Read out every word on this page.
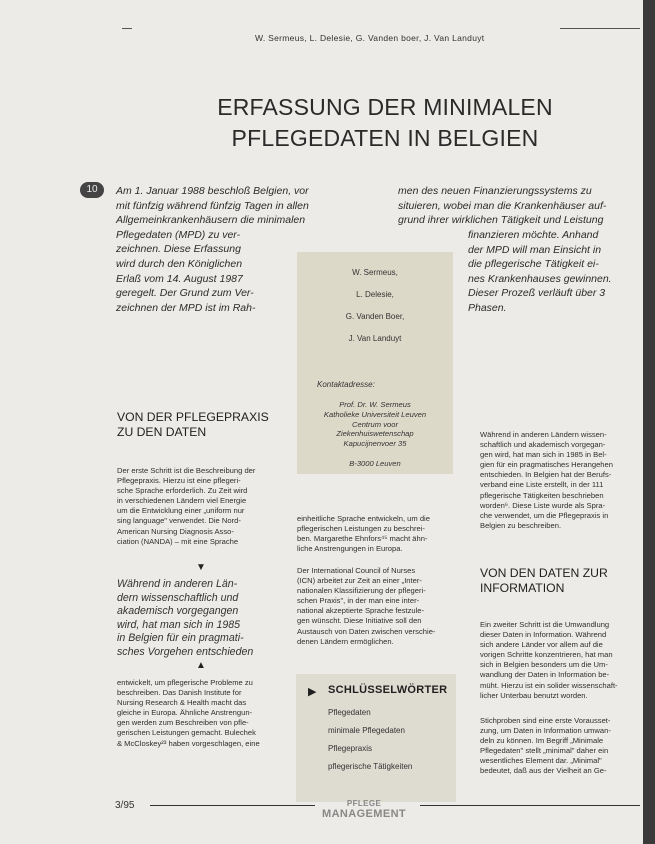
W. Sermeus, L. Delesie, G. Vanden boer, J. Van Landuyt
ERFASSUNG DER MINIMALEN
PFLEGEDATEN IN BELGIEN
10	Am 1. Januar 1988 beschloß Belgien, vor
mit fünfzig während fünfzig Tagen in allen
Allgemeinkrankenhäusern die minimalen
Pflegedaten (MPD) zu ver-
zeichnen. Diese Erfassung
wird durch den Königlichen
Erlaß vom 14. August 1987
geregelt. Der Grund zum Ver-
zeichnen der MPD ist im Rah-
men des neuen Finanzierungssystems zu
situieren, wobei man die Krankenhäuser auf-
grund ihrer wirklichen Tätigkeit und Leistung
finanzieren möchte. Anhand
der MPD will man Einsicht in
die pflegerische Tätigkeit ei-
nes Krankenhauses gewinnen.
Dieser Prozeß verläuft über 3
Phasen.
W. Sermeus,
L. Delesie,
G. Vanden Boer,
J. Van Landuyt
Kontaktadresse:
Prof. Dr. W. Sermeus
Katholieke Universiteit Leuven
Centrum voor
Ziekenhuiswetenschap
Kapucijnenvoer 35
B-3000 Leuven
VON DER PFLEGEPRAXIS
ZU DEN DATEN
Der erste Schritt ist die Beschreibung der
Pflegepraxis. Hierzu ist eine pflegeri-
sche Sprache erforderlich. Zu Zeit wird
in verschiedenen Ländern viel Energie
um die Entwicklung einer „uniform nur
sing language" verwendet. Die Nord-
American Nursing Diagnosis Asso-
ciation (NANDA) – mit eine Sprache
▼
Während in anderen Län-
dern wissenschaftlich und
akademisch vorgegangen
wird, hat man sich in 1985
in Belgien für ein pragmati-
sches Vorgehen entschieden
▲
entwickelt, um pflegerische Probleme zu
beschreiben. Das Danish Institute for
Nursing Research & Health macht das
gleiche in Europa. Ähnliche Anstrengun-
gen werden zum Beschreiben von pfle-
gerischen Leistungen gemacht. Bulechek
& McCloskey²³ haben vorgeschlagen, eine
einheitliche Sprache entwickeln, um die
pflegerischen Leistungen zu beschrei-
ben. Margarethe Ehnfors⁴⁵ macht ähn-
liche Anstrengungen in Europa.
Der International Council of Nurses
(ICN) arbeitet zur Zeit an einer „Inter-
nationalen Klassifizierung der pflegeri-
schen Praxis", in der man eine inter-
national akzeptierte Sprache festzule-
gen wünscht. Diese Initiative soll den
Austausch von Daten zwischen verschie-
denen Ländern ermöglichen.
▶ SCHLÜSSELWÖRTER
Pflegedaten
minimale Pflegedaten
Pflegepraxis
pflegerische Tätigkeiten
Während in anderen Ländern wissen-
schaftlich und akademisch vorgegan-
gen wird, hat man sich in 1985 in Bel-
gien für ein pragmatisches Herangehen
entschieden. In Belgien hat der Berufs-
verband eine Liste erstellt, in der 111
pflegerische Tätigkeiten beschrieben
worden⁶. Diese Liste wurde als Spra-
che verwendet, um die Pflegepraxis in
Belgien zu beschreiben.
VON DEN DATEN ZUR
INFORMATION
Ein zweiter Schritt ist die Umwandlung
dieser Daten in Information. Während
sich andere Länder vor allem auf die
vorigen Schritte konzentrieren, hat man
sich in Belgien besonders um die Um-
wandlung der Daten in Information be-
müht. Hierzu ist ein solider wissenschaft-
licher Unterbau benutzt worden.
Stichproben sind eine erste Vorausset-
zung, um Daten in Information umwan-
deln zu können. Im Begriff „Minimale
Pflegedaten" stellt „minimal" daher ein
wesentliches Element dar. „Minimal"
bedeutet, daß aus der Vielheit an Ge-
3/95	PFLEGE
MANAGEMENT
